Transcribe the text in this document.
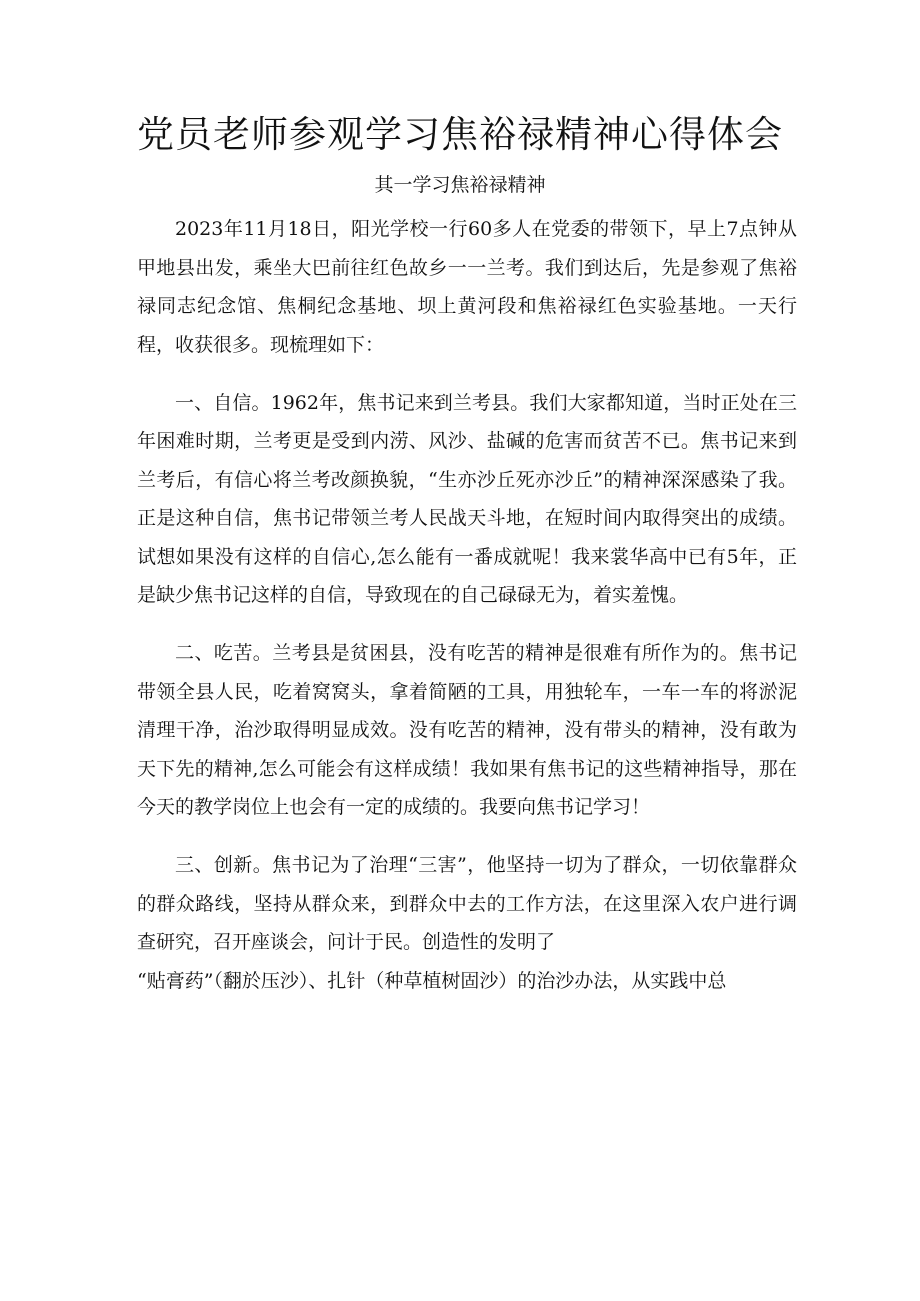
党员老师参观学习焦裕禄精神心得体会
其一学习焦裕禄精神

2023年11月18日，阳光学校一行60多人在党委的带领下，早上7点钟从甲地县出发，乘坐大巴前往红色故乡一一兰考。我们到达后，先是参观了焦裕禄同志纪念馆、焦桐纪念基地、坝上黄河段和焦裕禄红色实验基地。一天行程，收获很多。现梳理如下：

一、自信。1962年，焦书记来到兰考县。我们大家都知道，当时正处在三年困难时期，兰考更是受到内涝、风沙、盐碱的危害而贫苦不已。焦书记来到兰考后，有信心将兰考改颜换貌，“生亦沙丘死亦沙丘”的精神深深感染了我。正是这种自信，焦书记带领兰考人民战天斗地，在短时间内取得突出的成绩。试想如果没有这样的自信心,怎么能有一番成就呢！我来裳华高中已有5年，正是缺少焦书记这样的自信，导致现在的自己碌碌无为，着实羞愧。

二、吃苦。兰考县是贫困县，没有吃苦的精神是很难有所作为的。焦书记带领全县人民，吃着窝窝头，拿着简陋的工具，用独轮车，一车一车的将淤泥清理干净，治沙取得明显成效。没有吃苦的精神，没有带头的精神，没有敢为天下先的精神,怎么可能会有这样成绩！我如果有焦书记的这些精神指导，那在今天的教学岗位上也会有一定的成绩的。我要向焦书记学习！

三、创新。焦书记为了治理“三害”，他坚持一切为了群众，一切依靠群众的群众路线，坚持从群众来，到群众中去的工作方法，在这里深入农户进行调查研究，召开座谈会，问计于民。创造性的发明了

“贴膏药”（翻於压沙）、扎针（种草植树固沙）的治沙办法，从实践中总
